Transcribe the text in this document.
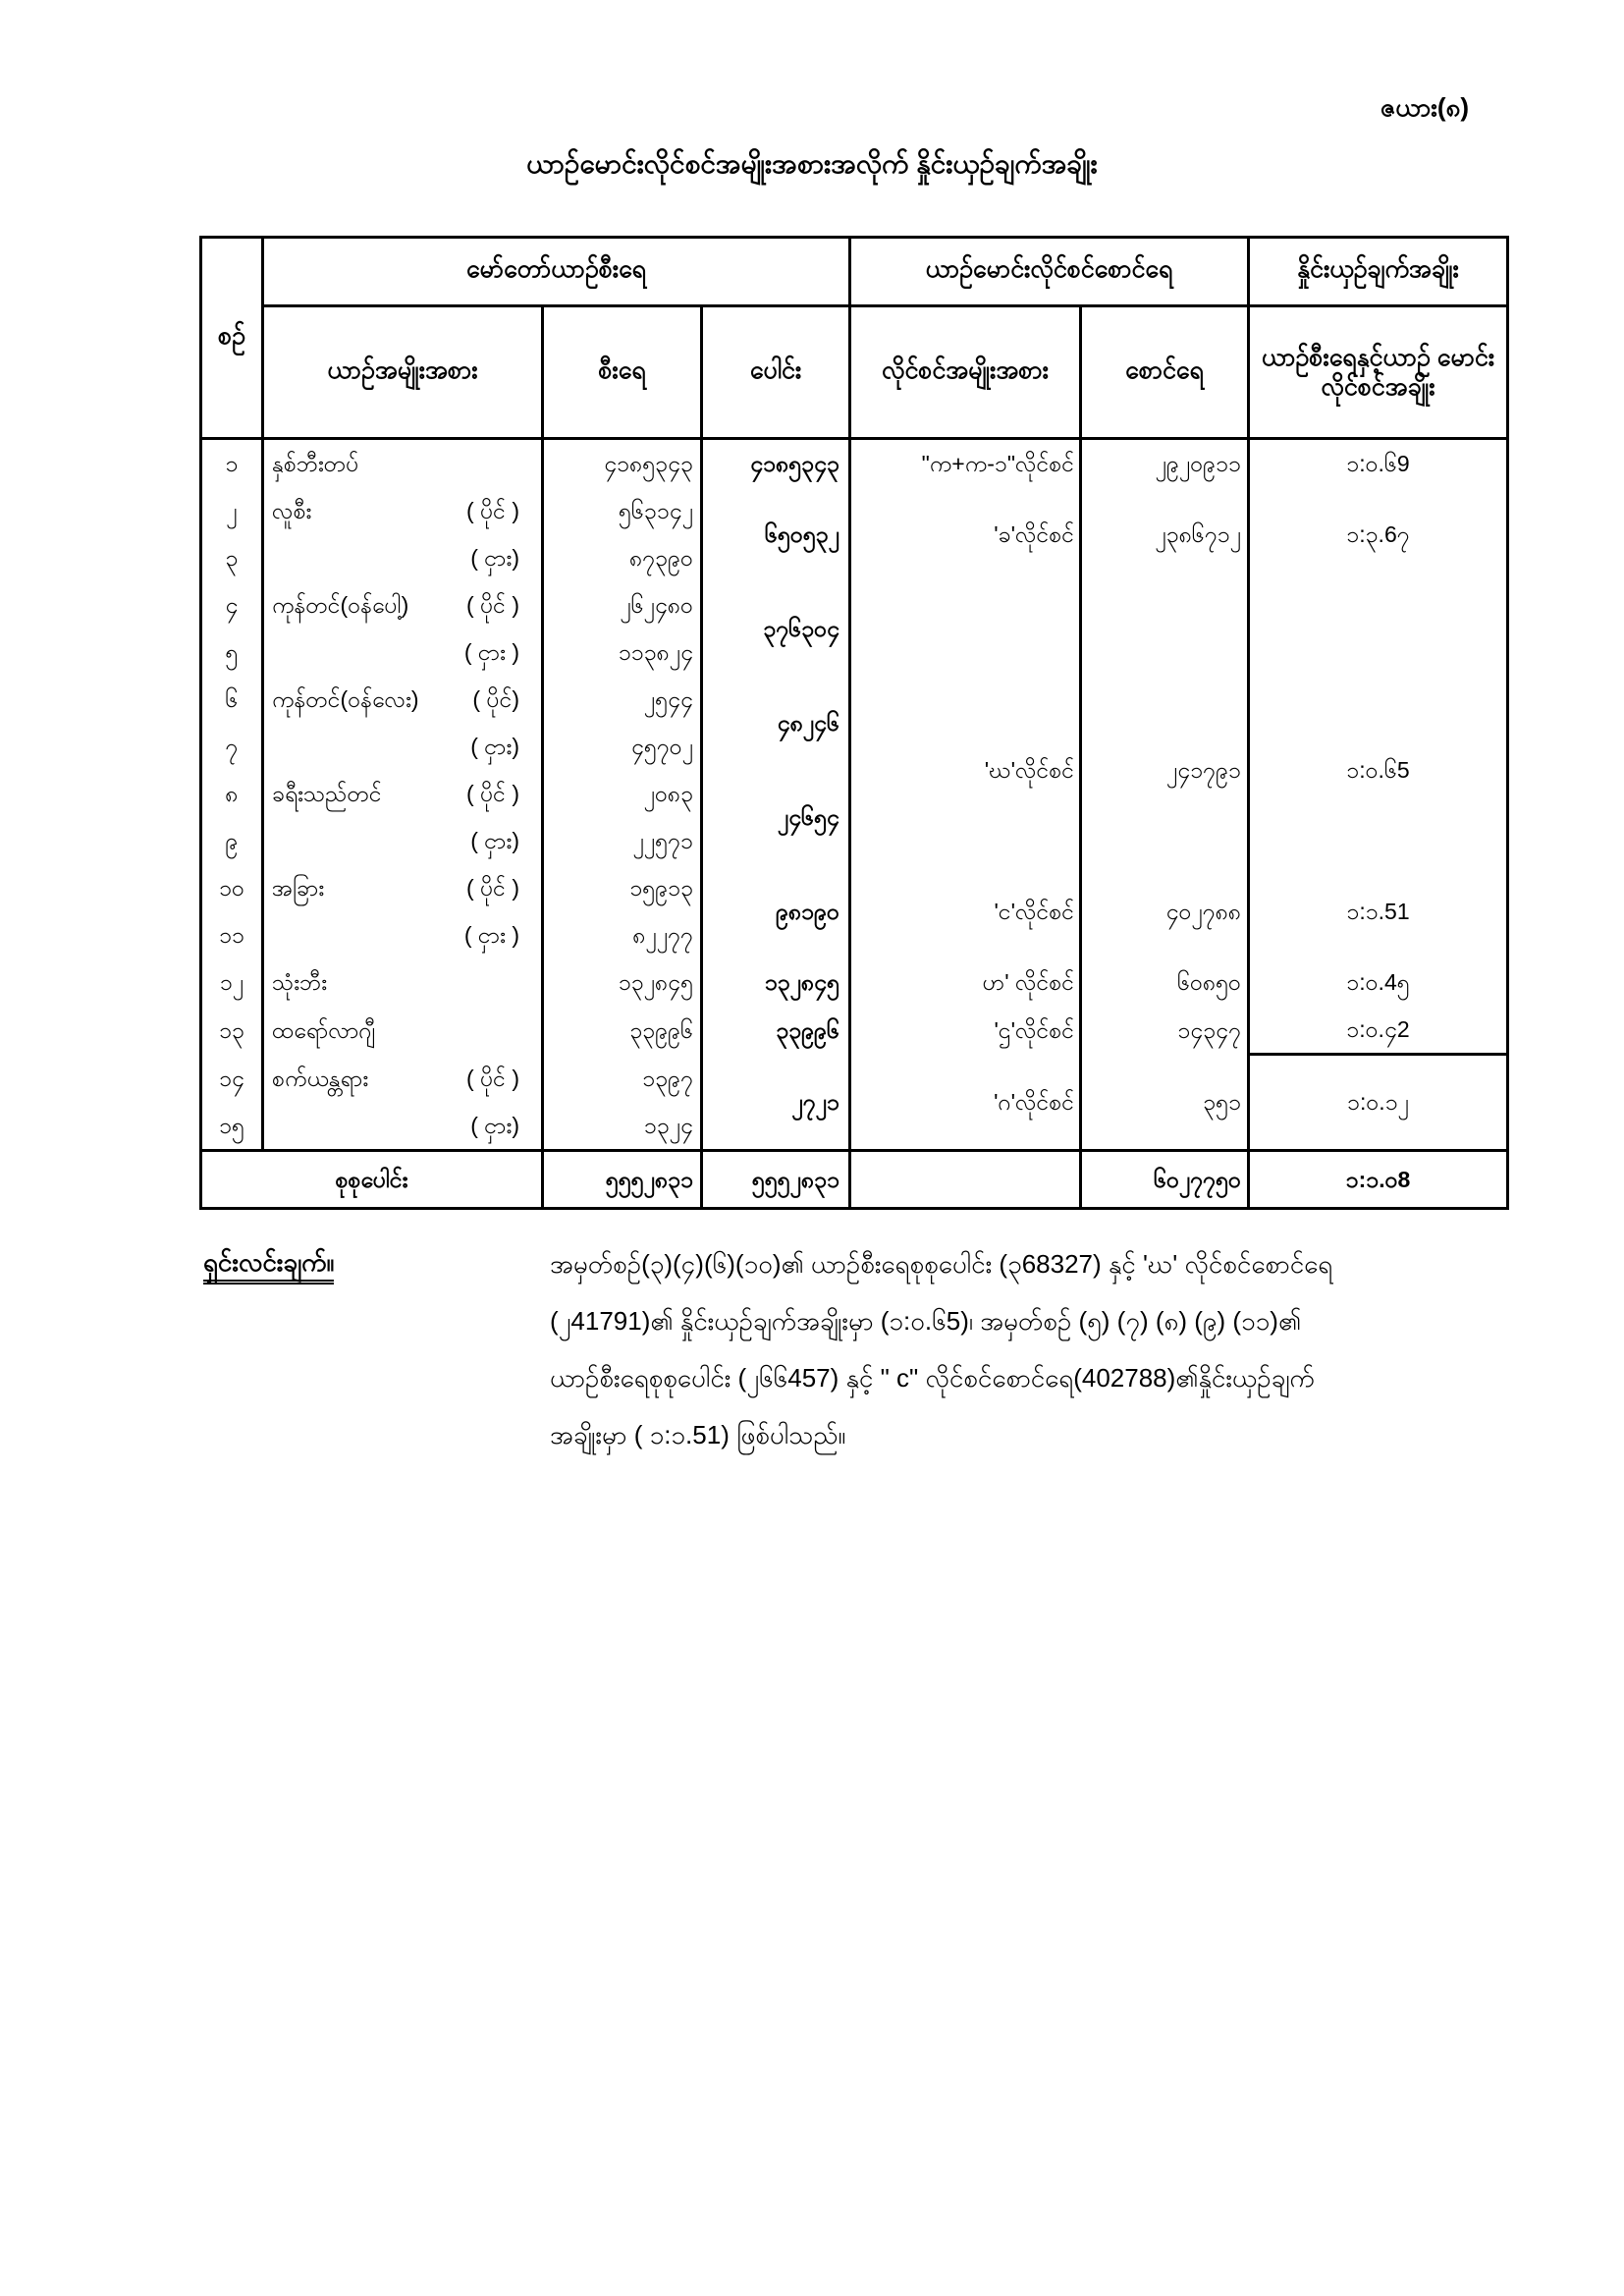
ဇယား(၈)
ယာဉ်မောင်းလိုင်စင်အမျိုးအစားအလိုက် နှိုင်းယှဉ်ချက်အချိုး
စဉ်	မော်တော်ယာဉ်စီးရေ			ယာဉ်မောင်းလိုင်စင်စောင်ရေ		နှိုင်းယှဉ်ချက်အချိုး
	ယာဉ်အမျိုးအစား	စီးရေ	ပေါင်း	လိုင်စင်အမျိုးအစား	စောင်ရေ	ယာဉ်စီးရေနှင့်ယာဉ် မောင်းလိုင်စင်အချိုး
၁	နှစ်ဘီးတပ်	၄၁၈၅၃၄၃	၄၁၈၅၃၄၃	"က+က-၁"လိုင်စင်	၂၉၂၀၉၁၁	၁:၀.၆9
၂	လူစီး ( ပိုင် )	၅၆၃၁၄၂	၆၅၀၅၃၂	'ခ'လိုင်စင်	၂၃၈၆၇၁၂	၁:၃.6၇
၃	( ငှား)	၈၇၃၉၀				
၄	ကုန်တင်(ဝန်ပေါ့) ( ပိုင် )	၂၆၂၄၈၀	၃၇၆၃၀၄			
၅	( ငှား )	၁၁၃၈၂၄				
၆	ကုန်တင်(ဝန်လေး) ( ပိုင်)	၂၅၄၄	၄၈၂၄၆	'ဃ'လိုင်စင်	၂၄၁၇၉၁	၁:၀.၆5
၇	( ငှား)	၄၅၇၀၂				
၈	ခရီးသည်တင် ( ပိုင် )	၂၀၈၃	၂၄၆၅၄			
၉	( ငှား)	၂၂၅၇၁				
၁၀	အခြား ( ပိုင် )	၁၅၉၁၃	၉၈၁၉၀	'င'လိုင်စင်	၄၀၂၇၈၈	၁:၁.51
၁၁	( ငှား )	၈၂၂၇၇				
၁၂	သုံးဘီး	၁၃၂၈၄၅	၁၃၂၈၄၅	ဟ' လိုင်စင်	၆၀၈၅၀	၁:၀.4၅
၁၃	ထရော်လာဂျီ	၃၃၉၉၆	၃၃၉၉၆	'ဌ'လိုင်စင်	၁၄၃၄၇	၁:၀.၄2
၁၄	စက်ယန္တရား ( ပိုင် )	၁၃၉၇	၂၇၂၁	'ဂ'လိုင်စင်	၃၅၁	၁:၀.၁၂
၁၅	( ငှား)	၁၃၂၄				
စုစုပေါင်း		၅၅၅၂၈၃၁	၅၅၅၂၈၃၁		၆၀၂၇၇၅၀	၁:၁.၀8
ရှင်းလင်းချက်။	အမှတ်စဉ်(၃)(၄)(၆)(၁၀)၏ ယာဉ်စီးရေစုစုပေါင်း (၃68327) နှင့် 'ဃ' လိုင်စင်စောင်ရေ
(၂41791)၏ နှိုင်းယှဉ်ချက်အချိုးမှာ (၁:၀.၆5)၊ အမှတ်စဉ် (၅) (၇) (၈) (၉) (၁၁)၏
ယာဉ်စီးရေစုစုပေါင်း (၂၆၆457) နှင့် " c" လိုင်စင်စောင်ရေ(402788)၏နှိုင်းယှဉ်ချက်
အချိုးမှာ ( ၁:၁.51) ဖြစ်ပါသည်။
